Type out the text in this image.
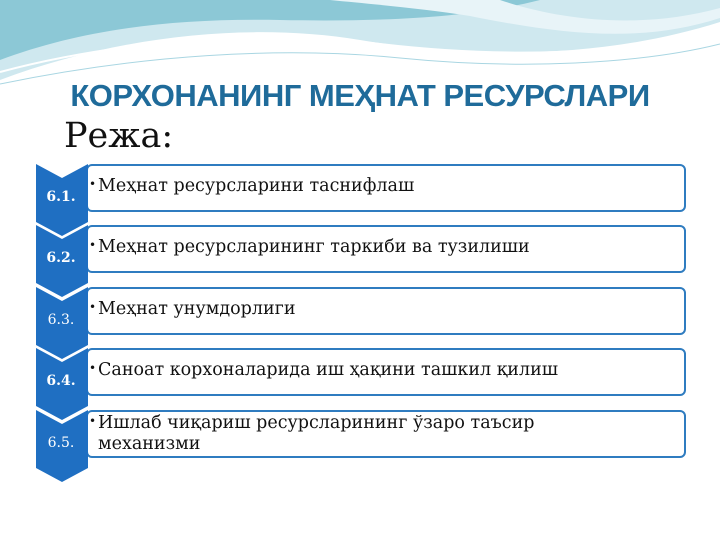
КОРХОНАНИНГ МЕҲНАТ РЕСУРСЛАРИ
Режа:
• Меҳнат ресурсларини таснифлаш
6.1.
• Меҳнат ресурсларининг таркиби ва тузилиши
6.2.
• Меҳнат унумдорлиги
6.3.
• Саноат корхоналарида иш ҳақини ташкил қилиш
6.4.
• Ишлаб чиқариш ресурсларининг ўзаро таъсир механизми
6.5.
